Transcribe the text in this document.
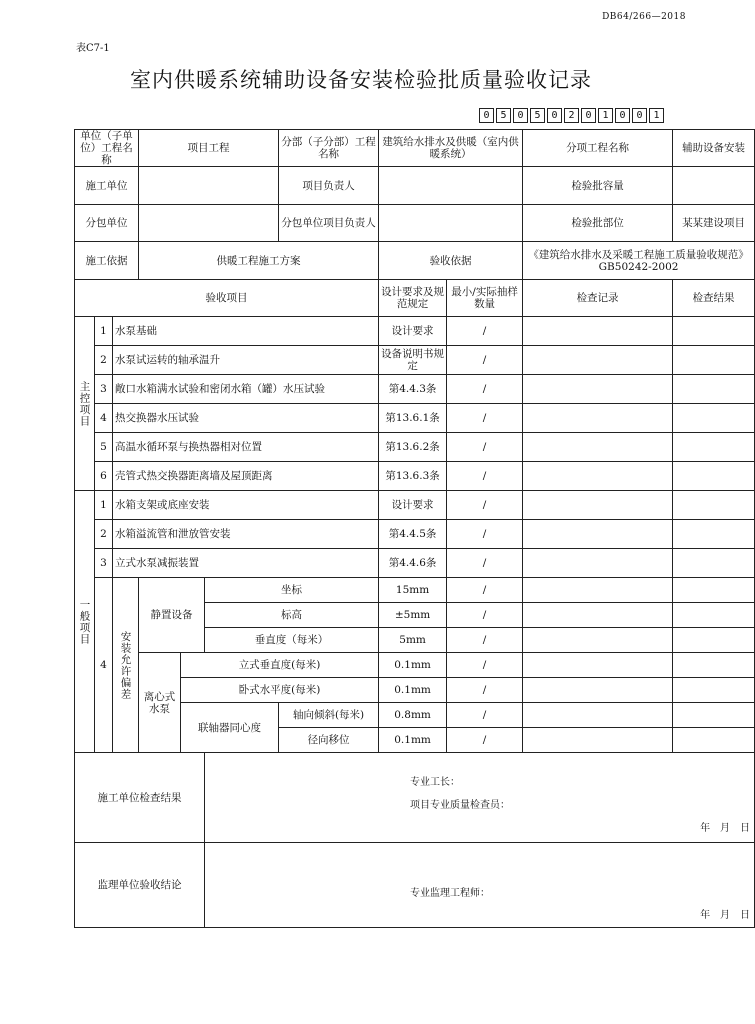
DB64/266—2018
表C7-1
室内供暖系统辅助设备安装检验批质量验收记录
0	5	0	5	0	2	0	1	0	0	1
单位（子单位）工程名称			项目工程			分部（子分部）工程名称	建筑给水排水及供暖（室内供暖系统）		分项工程名称	辅助设备安装
施工单位						项目负责人			检验批容量	
分包单位						分包单位项目负责人			检验批部位	某某建设项目
施工依据			供暖工程施工方案				验收依据		《建筑给水排水及采暖工程施工质量验收规范》GB50242-2002	
验收项目							设计要求及规范规定	最小/实际抽样数量	检查记录	检查结果
主控项目	1	水泵基础					设计要求	/		
	2	水泵试运转的轴承温升					设备说明书规定	/		
	3	敞口水箱满水试验和密闭水箱（罐）水压试验					第4.4.3条	/		
	4	热交换器水压试验					第13.6.1条	/		
	5	高温水循环泵与换热器相对位置					第13.6.2条	/		
	6	壳管式热交换器距离墙及屋顶距离					第13.6.3条	/		
一般项目	1	水箱支架或底座安装					设计要求	/		
	2	水箱溢流管和泄放管安装					第4.4.5条	/		
	3	立式水泵减振装置					第4.4.6条	/		
	4	安装允许偏差	静置设备		坐标		15mm	/		
					标高		±5mm	/		
					垂直度（每米）		5mm	/		
			离心式水泵	立式垂直度(每米)			0.1mm	/		
				卧式水平度(每米)			0.1mm	/		
				联轴器同心度		轴向倾斜(每米)	0.8mm	/		
						径向移位	0.1mm	/		
施工单位检查结果					专业工长：
项目专业质量检查员：
年　月　日					

监理单位验收结论					专业监理工程师：
年　月　日					
